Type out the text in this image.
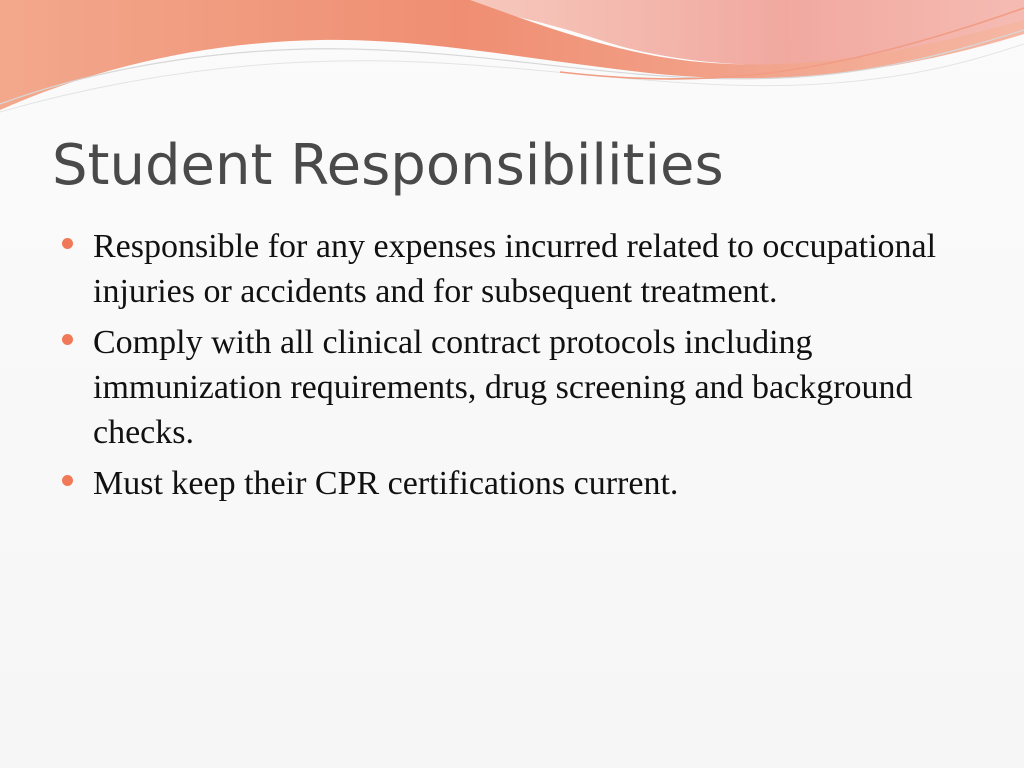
Student Responsibilities
Responsible for any expenses incurred related to occupational injuries or accidents and for subsequent treatment.
Comply with all clinical contract protocols including immunization requirements, drug screening and background checks.
Must keep their CPR certifications current.
